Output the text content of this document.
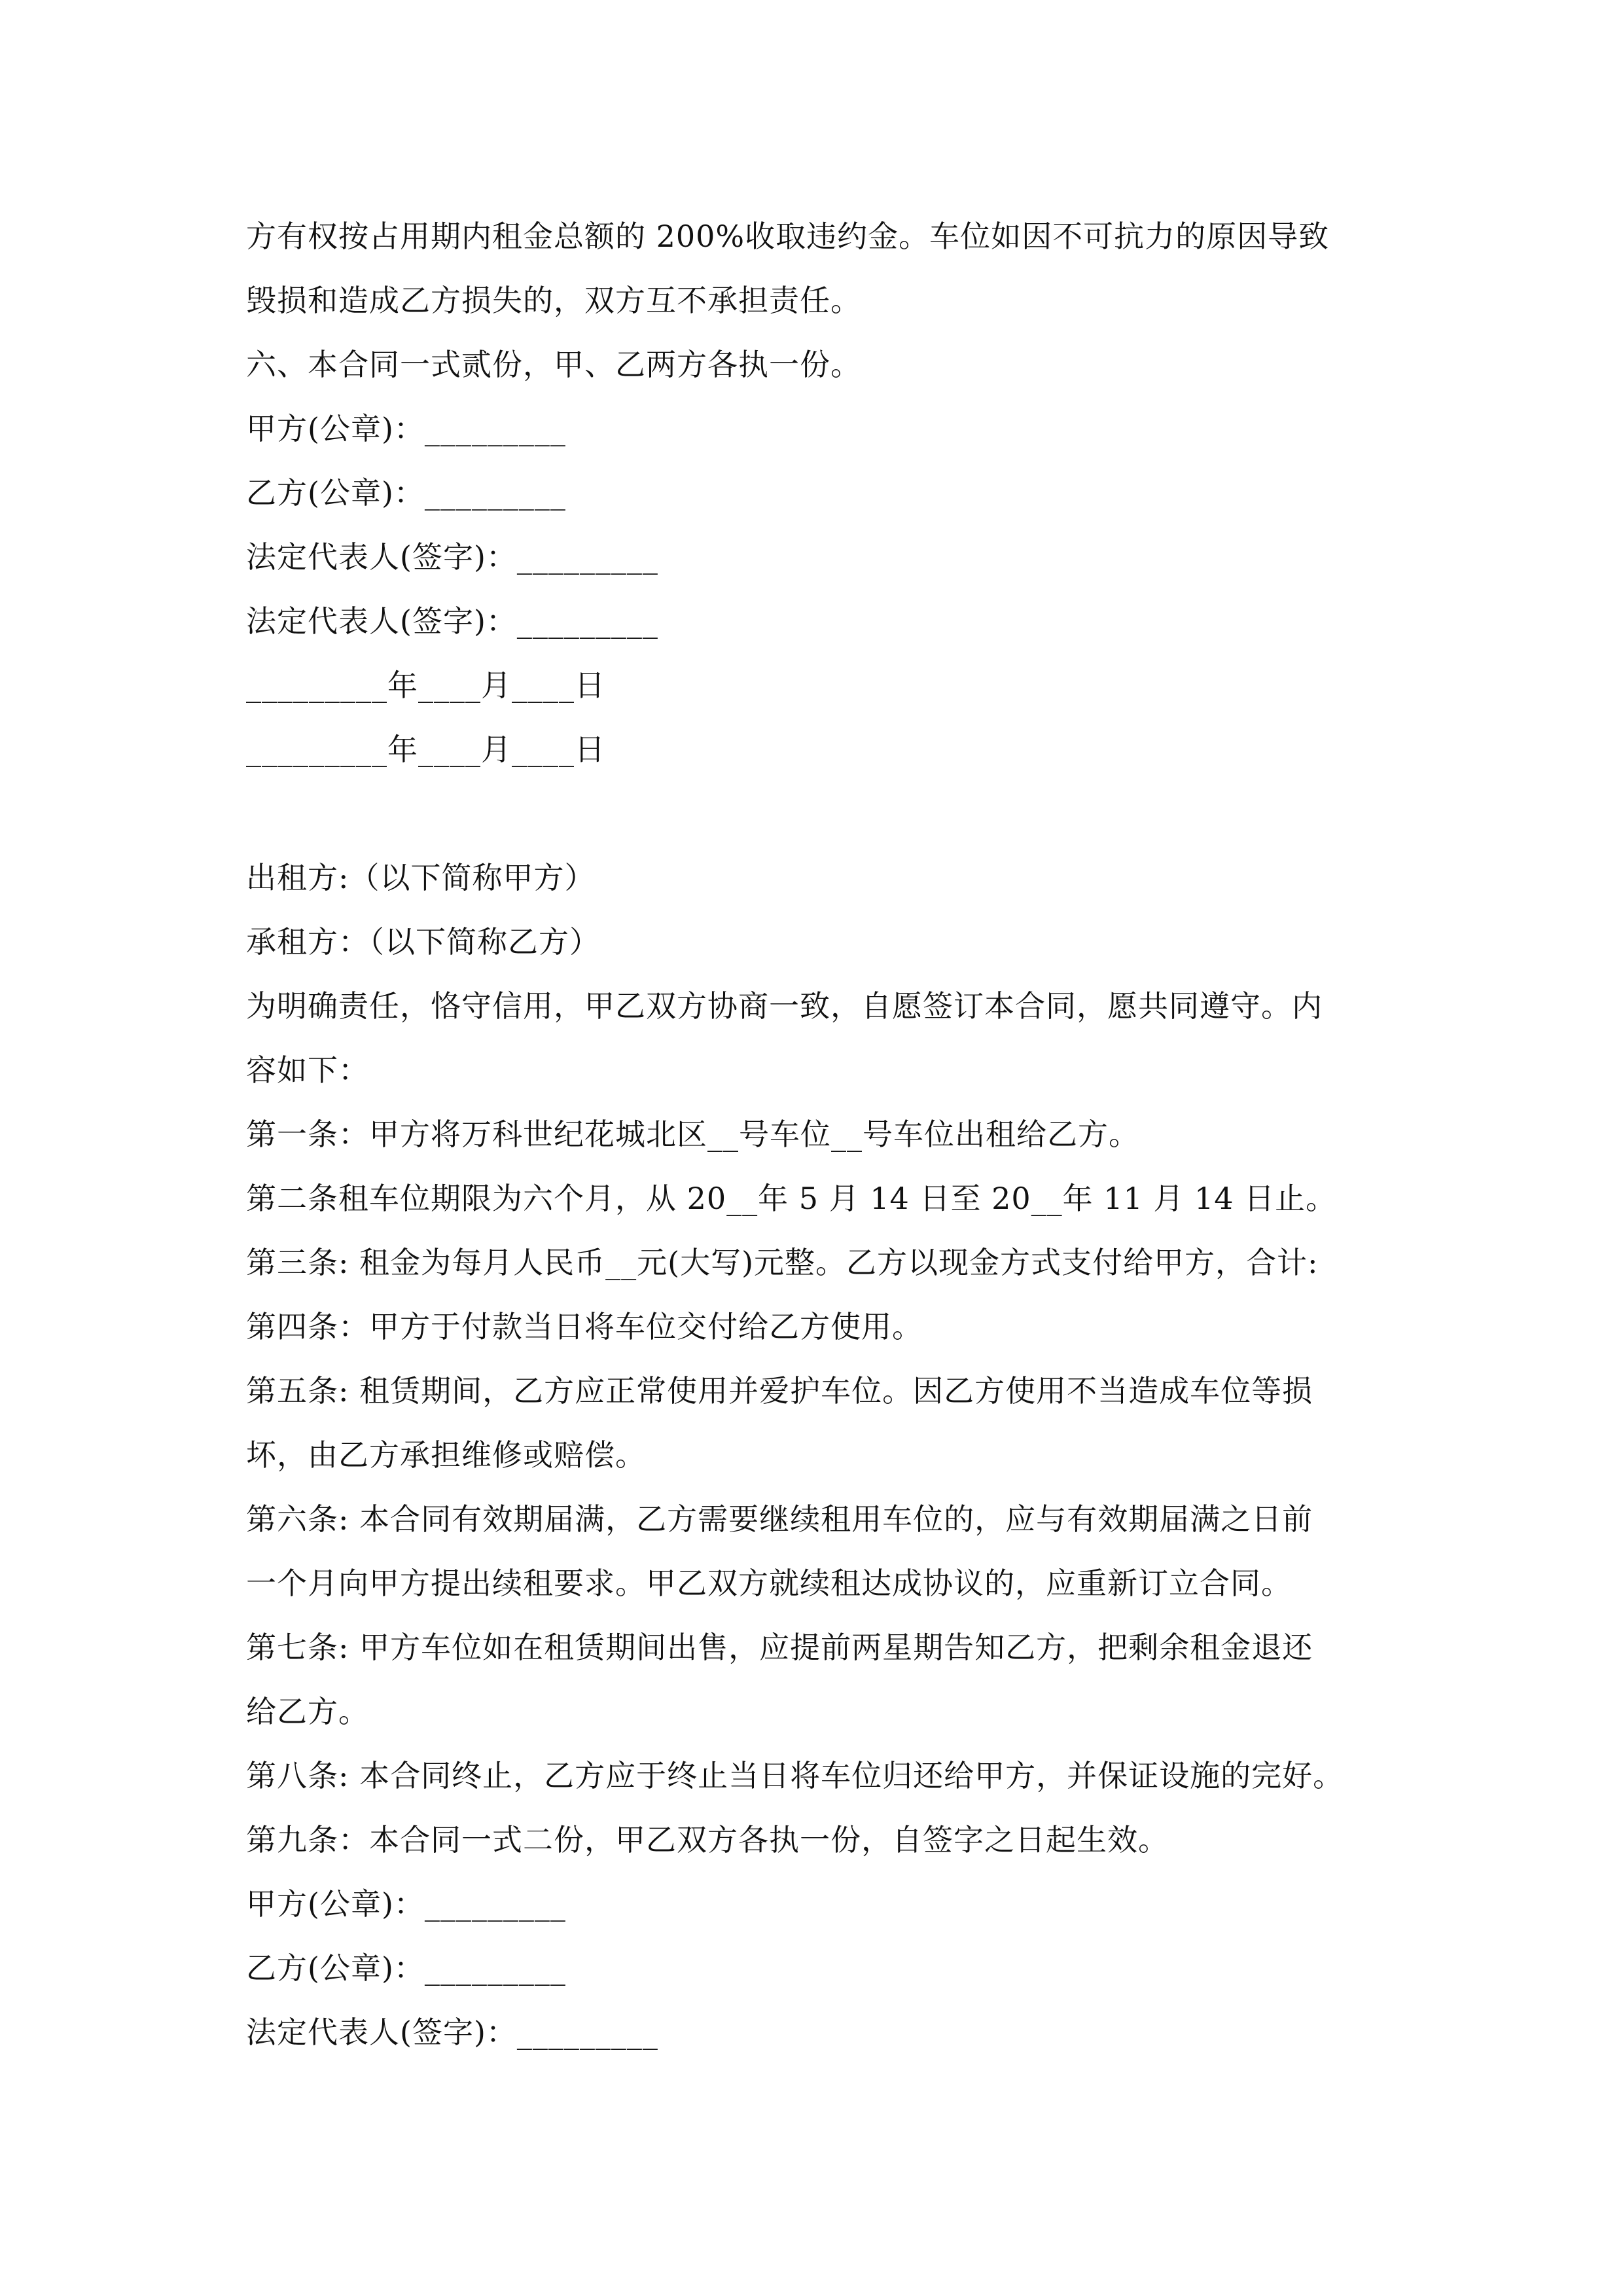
方有权按占用期内租金总额的 200%收取违约金。车位如因不可抗力的原因导致
毁损和造成乙方损失的，双方互不承担责任。
六、本合同一式贰份，甲、乙两方各执一份。
甲方(公章)：_________
乙方(公章)：_________
法定代表人(签字)：_________
法定代表人(签字)：_________
_________年____月____日
_________年____月____日
出租方:（以下简称甲方）
承租方：（以下简称乙方）
为明确责任，恪守信用，甲乙双方协商一致，自愿签订本合同，愿共同遵守。内
容如下：
第一条：甲方将万科世纪花城北区__号车位__号车位出租给乙方。
第二条租车位期限为六个月，从 20__年 5 月 14 日至 20__年 11 月 14 日止。
第三条: 租金为每月人民币__元(大写)元整。乙方以现金方式支付给甲方，合计:
第四条：甲方于付款当日将车位交付给乙方使用。
第五条: 租赁期间，乙方应正常使用并爱护车位。因乙方使用不当造成车位等损
坏，由乙方承担维修或赔偿。
第六条: 本合同有效期届满，乙方需要继续租用车位的，应与有效期届满之日前
一个月向甲方提出续租要求。甲乙双方就续租达成协议的，应重新订立合同。
第七条: 甲方车位如在租赁期间出售，应提前两星期告知乙方，把剩余租金退还
给乙方。
第八条: 本合同终止，乙方应于终止当日将车位归还给甲方，并保证设施的完好。
第九条：本合同一式二份，甲乙双方各执一份，自签字之日起生效。
甲方(公章)：_________
乙方(公章)：_________
法定代表人(签字)：_________
